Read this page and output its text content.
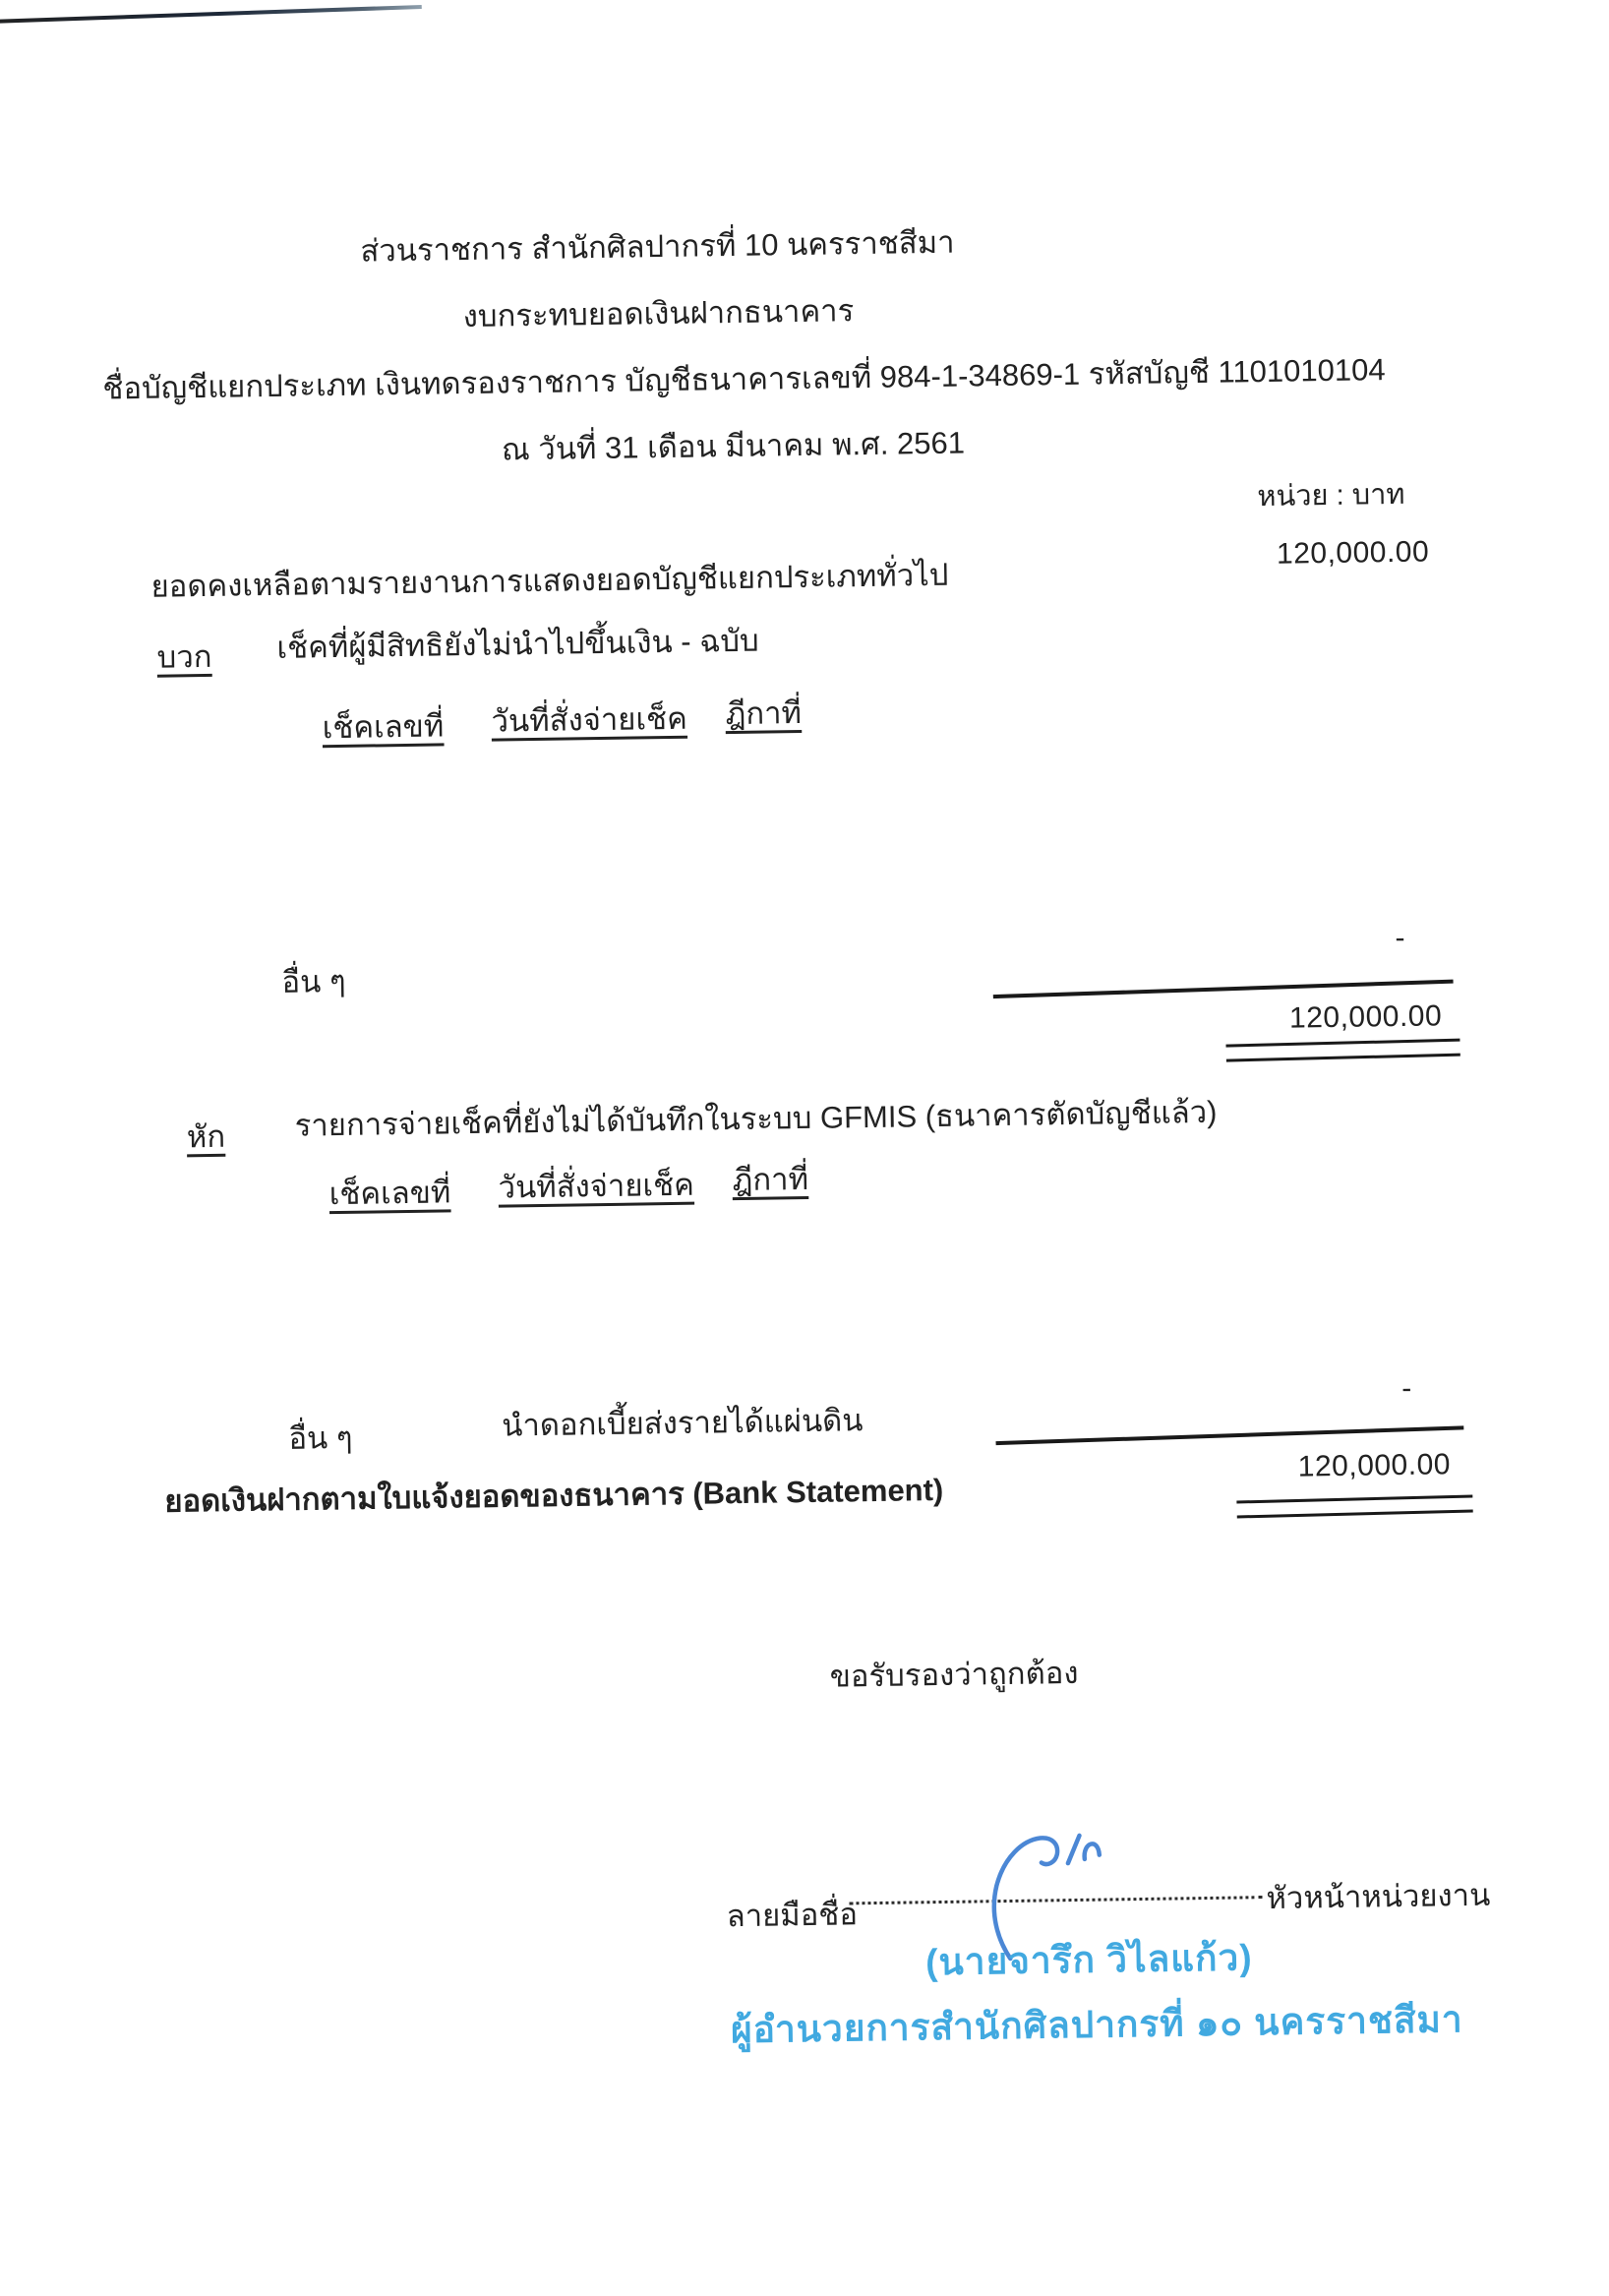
ส่วนราชการ สำนักศิลปากรที่ 10 นครราชสีมา
งบกระทบยอดเงินฝากธนาคาร
ชื่อบัญชีแยกประเภท เงินทดรองราชการ บัญชีธนาคารเลขที่ 984-1-34869-1 รหัสบัญชี 1101010104
ณ วันที่ 31 เดือน มีนาคม พ.ศ. 2561
หน่วย : บาท
ยอดคงเหลือตามรายงานการแสดงยอดบัญชีแยกประเภททั่วไป
120,000.00
บวก เช็คที่ผู้มีสิทธิยังไม่นำไปขึ้นเงิน - ฉบับ
เช็คเลขที่ วันที่สั่งจ่ายเช็ค ฎีกาที่
อื่น ๆ
-
120,000.00
หัก รายการจ่ายเช็คที่ยังไม่ได้บันทึกในระบบ GFMIS (ธนาคารตัดบัญชีแล้ว)
เช็คเลขที่ วันที่สั่งจ่ายเช็ค ฎีกาที่
อื่น ๆ	นำดอกเบี้ยส่งรายได้แผ่นดิน
-
120,000.00
ยอดเงินฝากตามใบแจ้งยอดของธนาคาร (Bank Statement)
ขอรับรองว่าถูกต้อง
ลายมือชื่อ	หัวหน้าหน่วยงาน
(นายจารึก วิไลแก้ว)
ผู้อำนวยการสำนักศิลปากรที่ ๑๐ นครราชสีมา
